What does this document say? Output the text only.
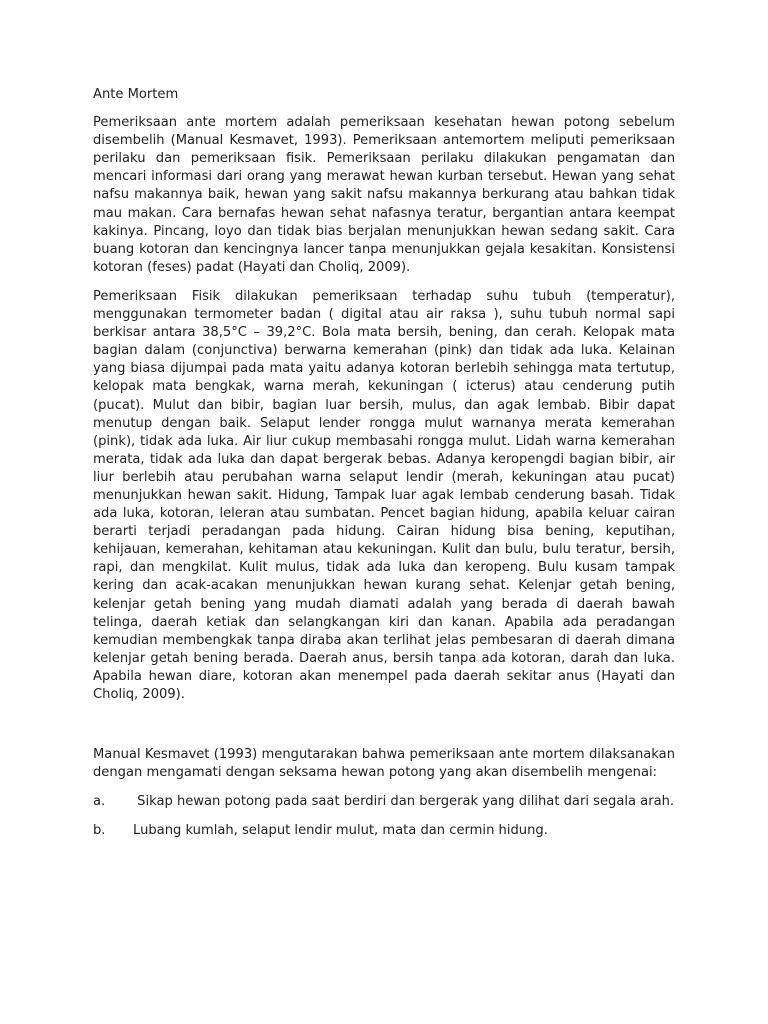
Ante Mortem

Pemeriksaan ante mortem adalah pemeriksaan kesehatan hewan potong sebelum disembelih (Manual Kesmavet, 1993). Pemeriksaan antemortem meliputi pemeriksaan perilaku dan pemeriksaan fisik. Pemeriksaan perilaku dilakukan pengamatan dan mencari informasi dari orang yang merawat hewan kurban tersebut. Hewan yang sehat nafsu makannya baik, hewan yang sakit nafsu makannya berkurang atau bahkan tidak mau makan. Cara bernafas hewan sehat nafasnya teratur, bergantian antara keempat kakinya. Pincang, loyo dan tidak bias berjalan menunjukkan hewan sedang sakit. Cara buang kotoran dan kencingnya lancer tanpa menunjukkan gejala kesakitan. Konsistensi kotoran (feses) padat (Hayati dan Choliq, 2009).

Pemeriksaan Fisik dilakukan pemeriksaan terhadap suhu tubuh (temperatur), menggunakan termometer badan ( digital atau air raksa ), suhu tubuh normal sapi berkisar antara 38,5°C – 39,2°C. Bola mata bersih, bening, dan cerah. Kelopak mata bagian dalam (conjunctiva) berwarna kemerahan (pink) dan tidak ada luka. Kelainan yang biasa dijumpai pada mata yaitu adanya kotoran berlebih sehingga mata tertutup, kelopak mata bengkak, warna merah, kekuningan ( icterus) atau cenderung putih (pucat). Mulut dan bibir, bagian luar bersih, mulus, dan agak lembab. Bibir dapat menutup dengan baik. Selaput lender rongga mulut warnanya merata kemerahan (pink), tidak ada luka. Air liur cukup membasahi rongga mulut. Lidah warna kemerahan merata, tidak ada luka dan dapat bergerak bebas. Adanya keropengdi bagian bibir, air liur berlebih atau perubahan warna selaput lendir (merah, kekuningan atau pucat) menunjukkan hewan sakit. Hidung, Tampak luar agak lembab cenderung basah. Tidak ada luka, kotoran, leleran atau sumbatan. Pencet bagian hidung, apabila keluar cairan berarti terjadi peradangan pada hidung. Cairan hidung bisa bening, keputihan, kehijauan, kemerahan, kehitaman atau kekuningan. Kulit dan bulu, bulu teratur, bersih, rapi, dan mengkilat. Kulit mulus, tidak ada luka dan keropeng. Bulu kusam tampak kering dan acak-acakan menunjukkan hewan kurang sehat. Kelenjar getah bening, kelenjar getah bening yang mudah diamati adalah yang berada di daerah bawah telinga, daerah ketiak dan selangkangan kiri dan kanan. Apabila ada peradangan kemudian membengkak tanpa diraba akan terlihat jelas pembesaran di daerah dimana kelenjar getah bening berada. Daerah anus, bersih tanpa ada kotoran, darah dan luka. Apabila hewan diare, kotoran akan menempel pada daerah sekitar anus (Hayati dan Choliq, 2009).

Manual Kesmavet (1993) mengutarakan bahwa pemeriksaan ante mortem dilaksanakan dengan mengamati dengan seksama hewan potong yang akan disembelih mengenai:

a. Sikap hewan potong pada saat berdiri dan bergerak yang dilihat dari segala arah.
b. Lubang kumlah, selaput lendir mulut, mata dan cermin hidung.
